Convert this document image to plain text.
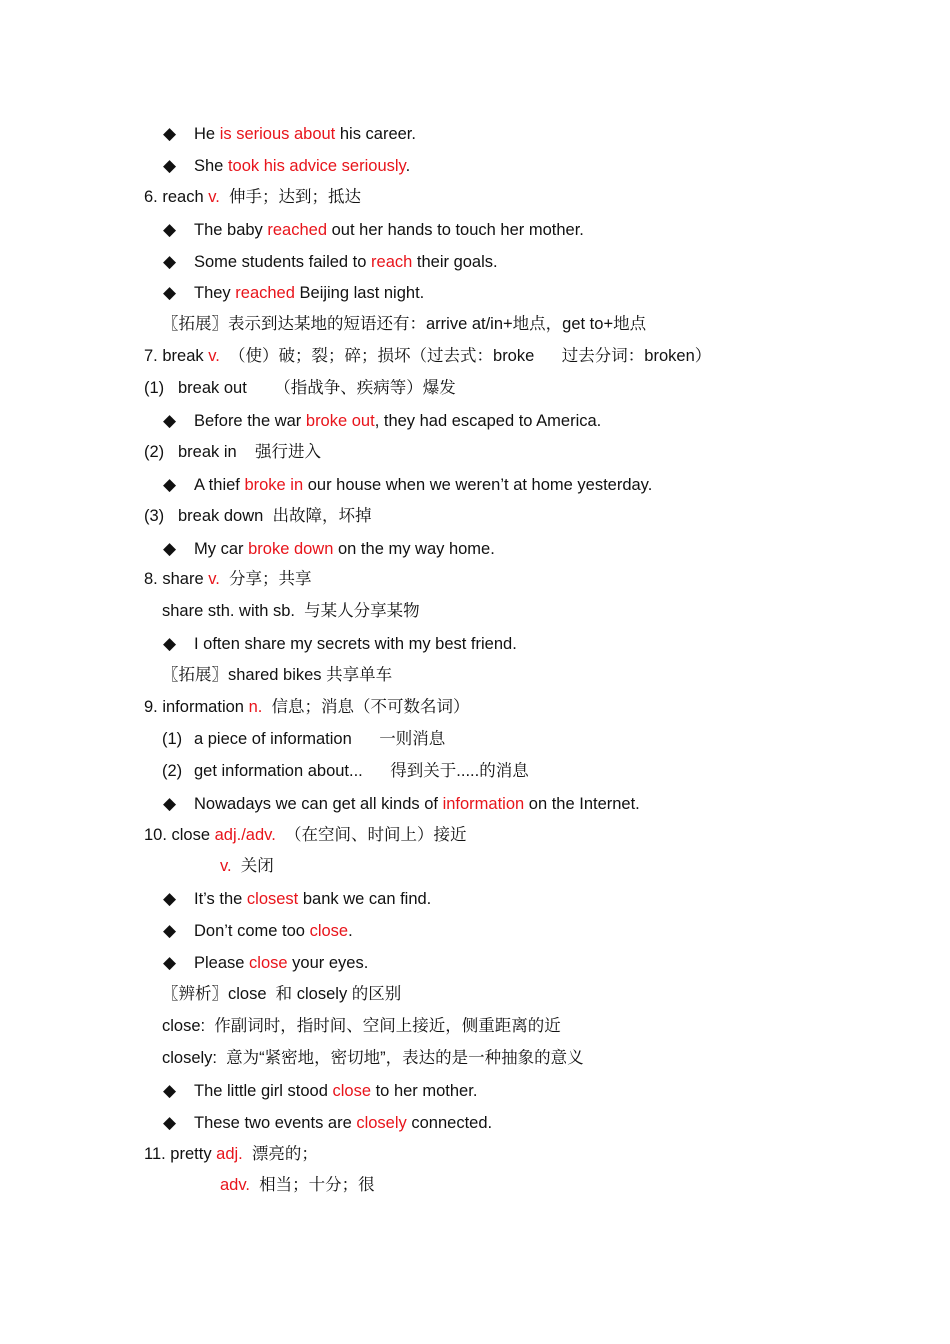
◆ He is serious about his career.
◆ She took his advice seriously.
6. reach v.  伸手；达到；抵达
◆ The baby reached out her hands to touch her mother.
◆ Some students failed to reach their goals.
◆ They reached Beijing last night.
〖拓展〗表示到达某地的短语还有：arrive at/in+地点，get to+地点
7. break v.  （使）破；裂；碎；损坏（过去式：broke      过去分词：broken）
(1) break out      （指战争、疾病等）爆发
◆ Before the war broke out, they had escaped to America.
(2) break in    强行进入
◆ A thief broke in our house when we weren’t at home yesterday.
(3) break down  出故障，坏掉
◆ My car broke down on the my way home.
8. share v.  分享；共享
share sth. with sb.  与某人分享某物
◆ I often share my secrets with my best friend.
〖拓展〗shared bikes 共享单车
9. information n.  信息；消息（不可数名词）
(1) a piece of information      一则消息
(2) get information about...      得到关于.....的消息
◆ Nowadays we can get all kinds of information on the Internet.
10. close adj./adv.  （在空间、时间上）接近
v.  关闭
◆ It’s the closest bank we can find.
◆ Don’t come too close.
◆ Please close your eyes.
〖辨析〗close  和 closely 的区别
close:  作副词时，指时间、空间上接近，侧重距离的近
closely:  意为“紧密地，密切地”，表达的是一种抽象的意义
◆ The little girl stood close to her mother.
◆ These two events are closely connected.
11. pretty adj.  漂亮的；
adv.  相当；十分；很
